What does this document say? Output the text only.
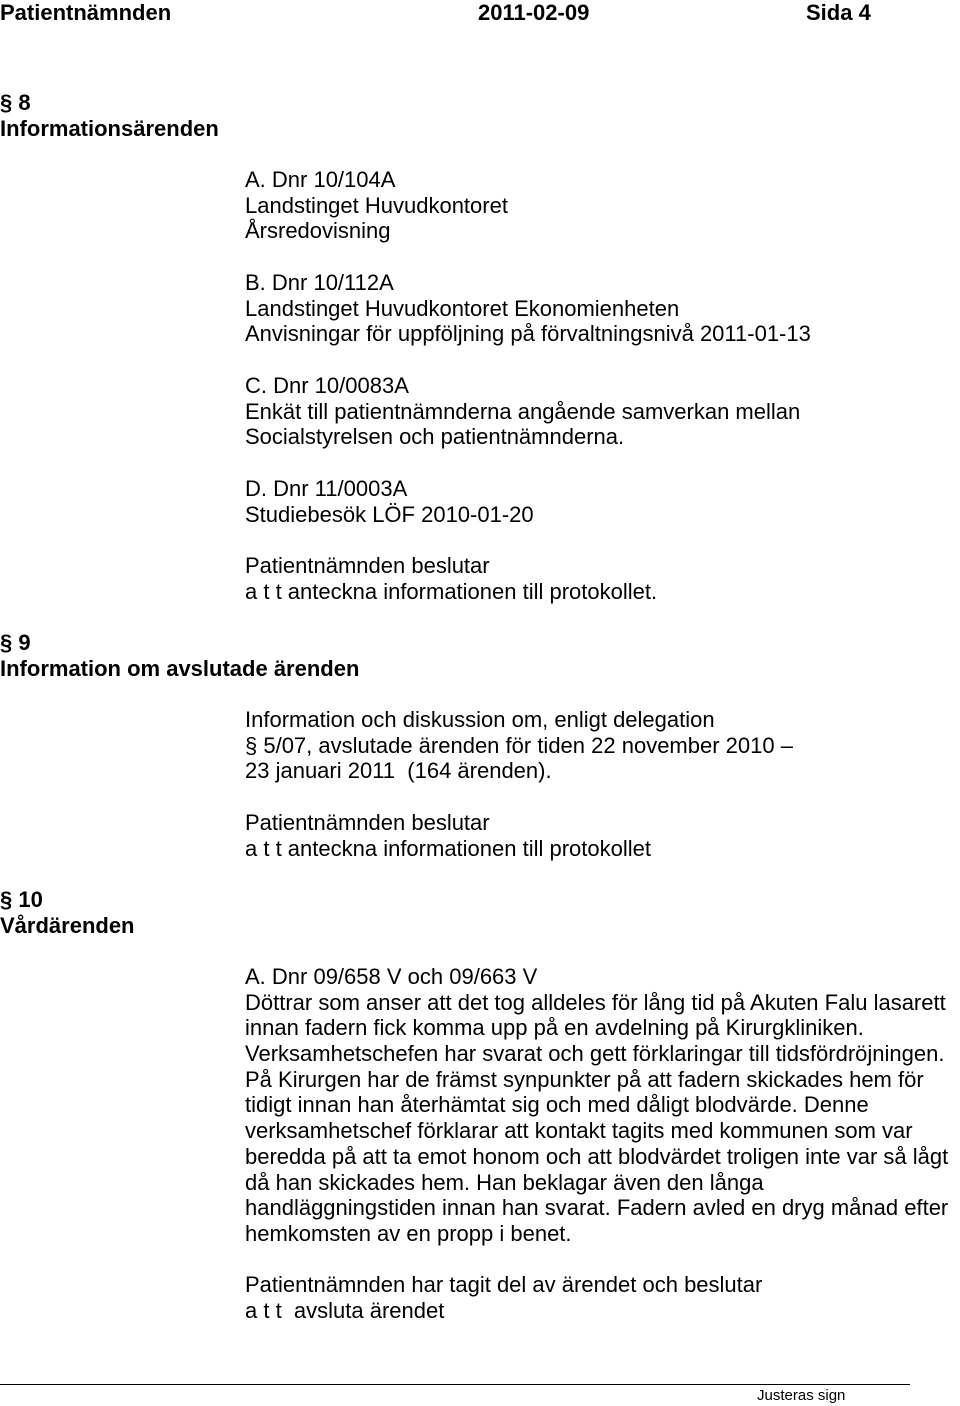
Patientnämnden	2011-02-09	Sida 4
§ 8
Informationsärenden
A. Dnr 10/104A
Landstinget Huvudkontoret
Årsredovisning
B. Dnr 10/112A
Landstinget Huvudkontoret Ekonomienheten
Anvisningar för uppföljning på förvaltningsnivå 2011-01-13
C. Dnr 10/0083A
Enkät till patientnämnderna angående samverkan mellan
Socialstyrelsen och patientnämnderna.
D. Dnr 11/0003A
Studiebesök LÖF 2010-01-20
Patientnämnden beslutar
a t t anteckna informationen till protokollet.
§ 9
Information om avslutade ärenden
Information och diskussion om, enligt delegation
§ 5/07, avslutade ärenden för tiden 22 november 2010 –
23 januari 2011  (164 ärenden).
Patientnämnden beslutar
a t t anteckna informationen till protokollet
§ 10
Vårdärenden
A. Dnr 09/658 V och 09/663 V
Döttrar som anser att det tog alldeles för lång tid på Akuten Falu lasarett
innan fadern fick komma upp på en avdelning på Kirurgkliniken.
Verksamhetschefen har svarat och gett förklaringar till tidsfördröjningen.
På Kirurgen har de främst synpunkter på att fadern skickades hem för
tidigt innan han återhämtat sig och med dåligt blodvärde. Denne
verksamhetschef förklarar att kontakt tagits med kommunen som var
beredda på att ta emot honom och att blodvärdet troligen inte var så lågt
då han skickades hem. Han beklagar även den långa
handläggningstiden innan han svarat. Fadern avled en dryg månad efter
hemkomsten av en propp i benet.
Patientnämnden har tagit del av ärendet och beslutar
a t t  avsluta ärendet
Justeras sign
